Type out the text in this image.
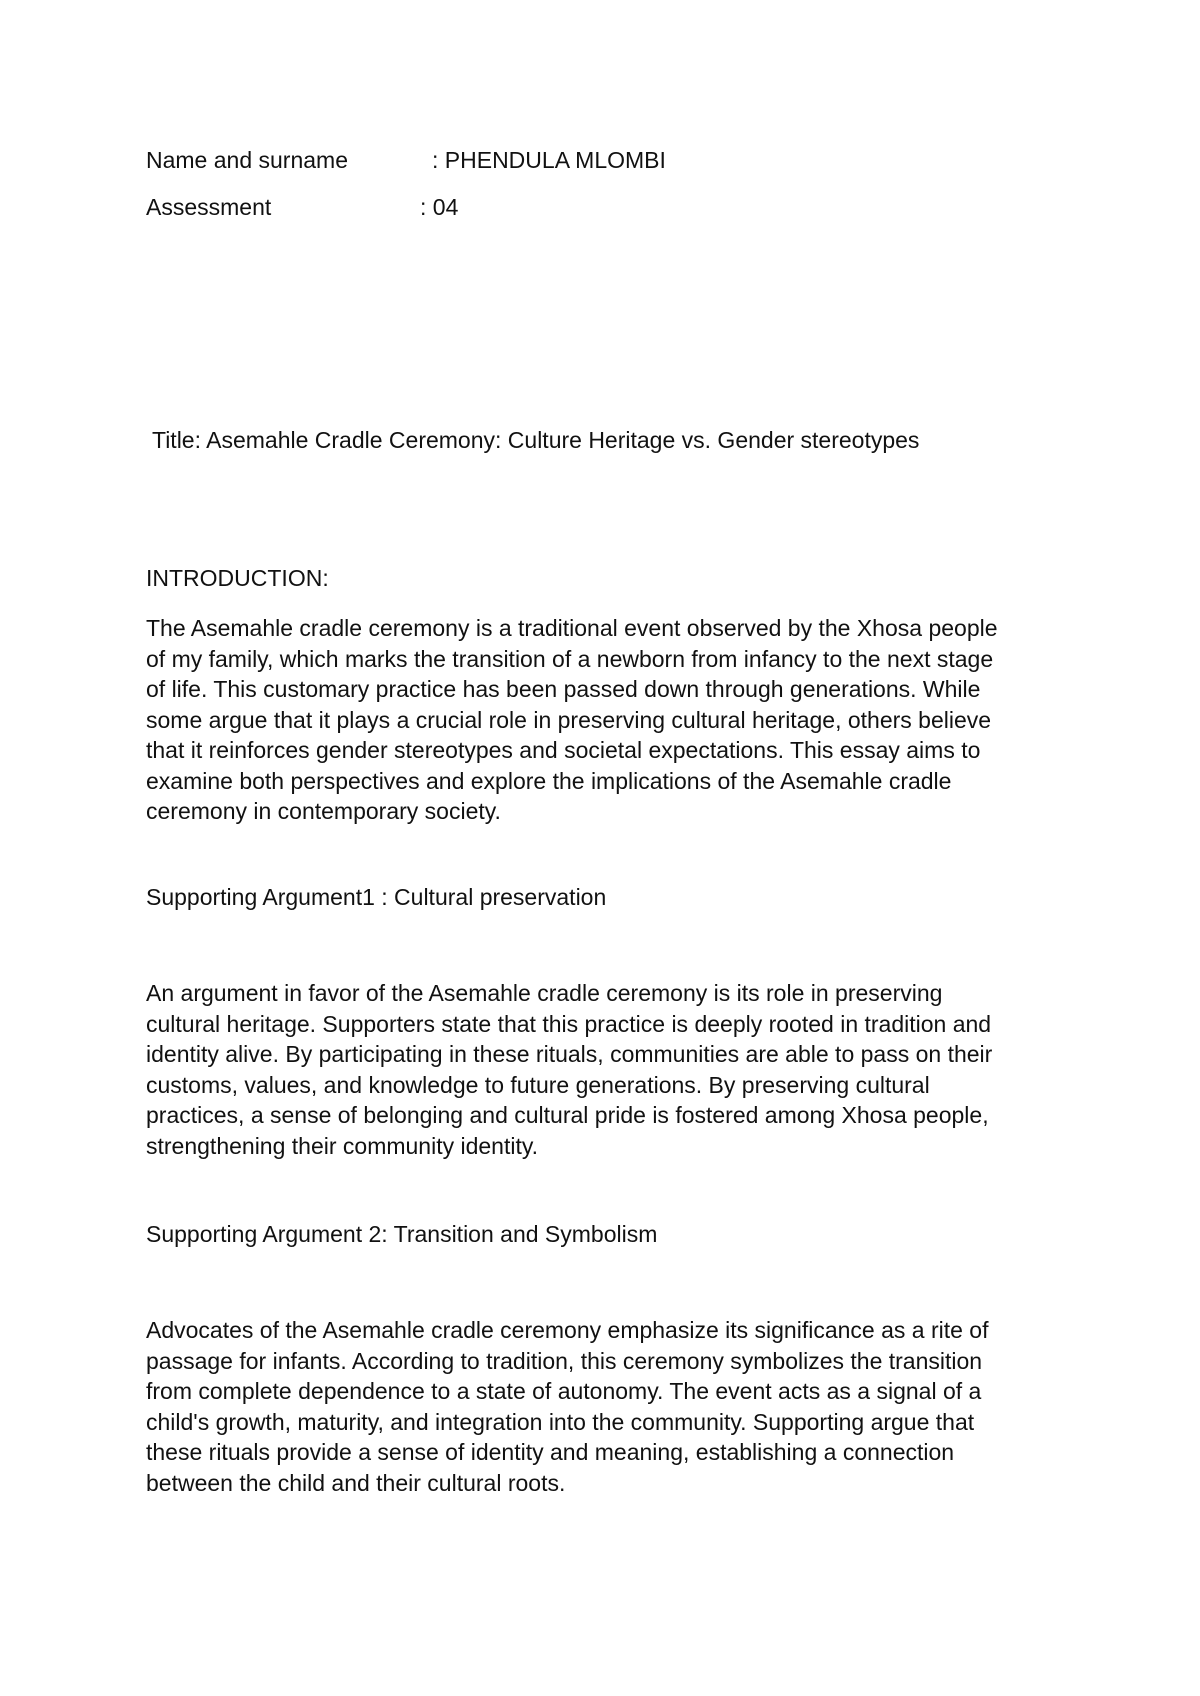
Name and surname	: PHENDULA MLOMBI
Assessment	: 04
Title: Asemahle Cradle Ceremony: Culture Heritage vs. Gender stereotypes
INTRODUCTION:
The Asemahle cradle ceremony is a traditional event observed by the Xhosa people
of my family, which marks the transition of a newborn from infancy to the next stage
of life. This customary practice has been passed down through generations. While
some argue that it plays a crucial role in preserving cultural heritage, others believe
that it reinforces gender stereotypes and societal expectations. This essay aims to
examine both perspectives and explore the implications of the Asemahle cradle
ceremony in contemporary society.
Supporting Argument1 : Cultural preservation
An argument in favor of the Asemahle cradle ceremony is its role in preserving
cultural heritage. Supporters state that this practice is deeply rooted in tradition and
identity alive. By participating in these rituals, communities are able to pass on their
customs, values, and knowledge to future generations. By preserving cultural
practices, a sense of belonging and cultural pride is fostered among Xhosa people,
strengthening their community identity.
Supporting Argument 2: Transition and Symbolism
Advocates of the Asemahle cradle ceremony emphasize its significance as a rite of
passage for infants. According to tradition, this ceremony symbolizes the transition
from complete dependence to a state of autonomy. The event acts as a signal of a
child's growth, maturity, and integration into the community. Supporting argue that
these rituals provide a sense of identity and meaning, establishing a connection
between the child and their cultural roots.
